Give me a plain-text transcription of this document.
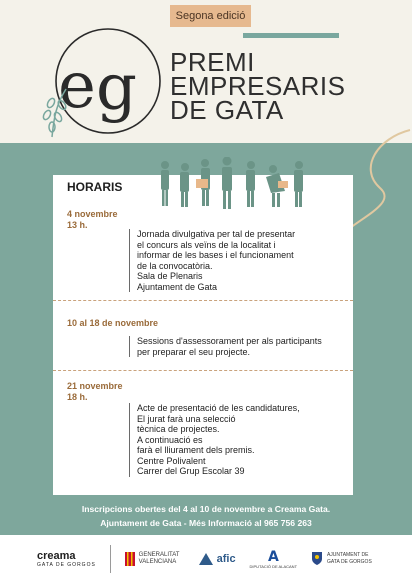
Segona edició
e g PREMI
EMPRESARIS
DE GATA
HORARIS
4 novembre
13 h.
Jornada divulgativa per tal de presentar
el concurs als veïns de la localitat i
informar de les bases i el funcionament
de la convocatòria.
Sala de Plenaris
Ajuntament de Gata
10 al 18 de novembre
Sessions d'assessorament per als participants
per preparar el seu projecte.
21 novembre
18 h.
Acte de presentació de les candidatures,
El jurat farà una selecció
tècnica de projectes.
A continuació es
farà el lliurament dels premis.
Centre Polivalent
Carrer del Grup Escolar 39
Inscripcions obertes del 4 al 10 de novembre a Creama Gata.
Ajuntament de Gata - Més Informació al 965 756 263
creama
GATA DE GORGOS
GENERALITAT VALENCIANA	afic A
DIPUTACIÓ DE ALACANT
AJUNTAMENT DE GATA DE GORGOS
